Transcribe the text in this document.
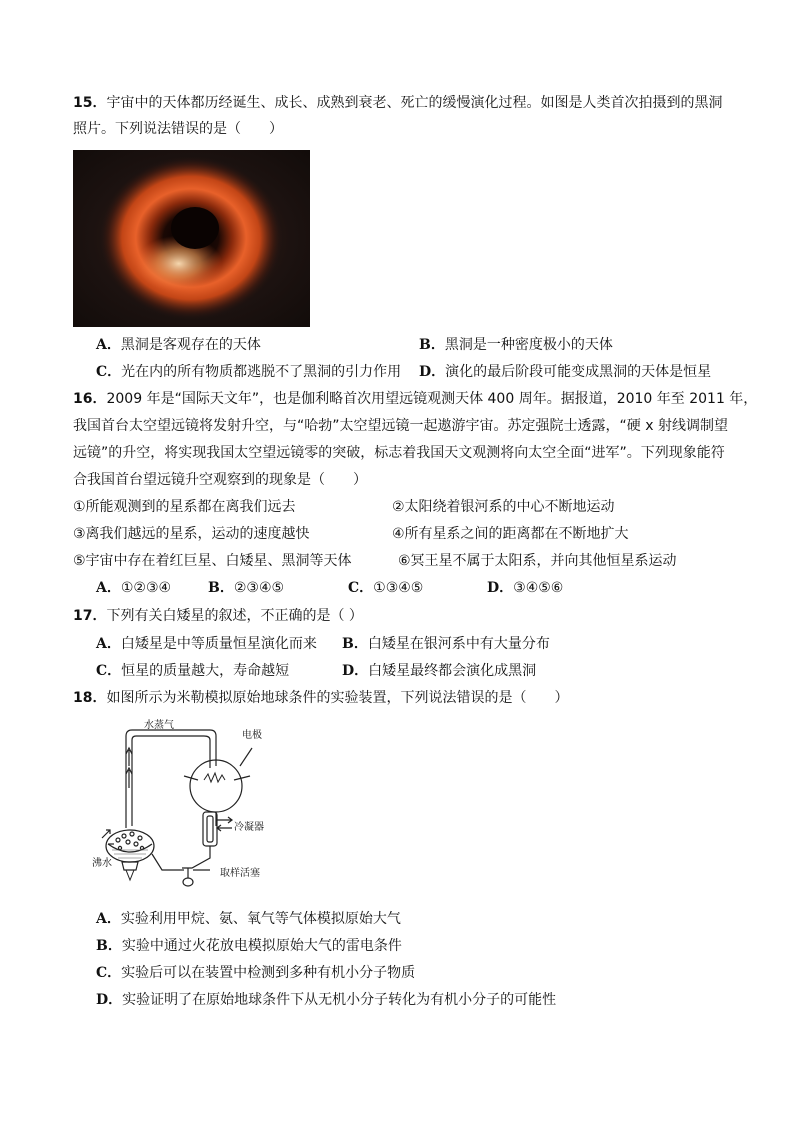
15．宇宙中的天体都历经诞生、成长、成熟到衰老、死亡的缓慢演化过程。如图是人类首次拍摄到的黑洞
照片。下列说法错误的是（　　）
A．黑洞是客观存在的天体	B．黑洞是一种密度极小的天体
C．光在内的所有物质都逃脱不了黑洞的引力作用 D．演化的最后阶段可能变成黑洞的天体是恒星
16．2009 年是“国际天文年”，也是伽利略首次用望远镜观测天体 400 周年。据报道，2010 年至 2011 年，
我国首台太空望远镜将发射升空，与“哈勃”太空望远镜一起遨游宇宙。苏定强院士透露，“硬 x 射线调制望
远镜”的升空，将实现我国太空望远镜零的突破，标志着我国天文观测将向太空全面“进军”。下列现象能符
合我国首台望远镜升空观察到的现象是（　　）
①所能观测到的星系都在离我们远去	②太阳绕着银河系的中心不断地运动
③离我们越远的星系，运动的速度越快	④所有星系之间的距离都在不断地扩大
⑤宇宙中存在着红巨星、白矮星、黑洞等天体	⑥冥王星不属于太阳系，并向其他恒星系运动
A．①②③④	B．②③④⑤	C．①③④⑤	D．③④⑤⑥
17．下列有关白矮星的叙述，不正确的是（ ）
A．白矮星是中等质量恒星演化而来 B．白矮星在银河系中有大量分布
C．恒星的质量越大，寿命越短	D．白矮星最终都会演化成黑洞
18．如图所示为米勒模拟原始地球条件的实验装置，下列说法错误的是（　　）
水蒸气
电极
冷凝器
沸水
取样活塞
A．实验利用甲烷、氨、氧气等气体模拟原始大气
B．实验中通过火花放电模拟原始大气的雷电条件
C．实验后可以在装置中检测到多种有机小分子物质
D．实验证明了在原始地球条件下从无机小分子转化为有机小分子的可能性
